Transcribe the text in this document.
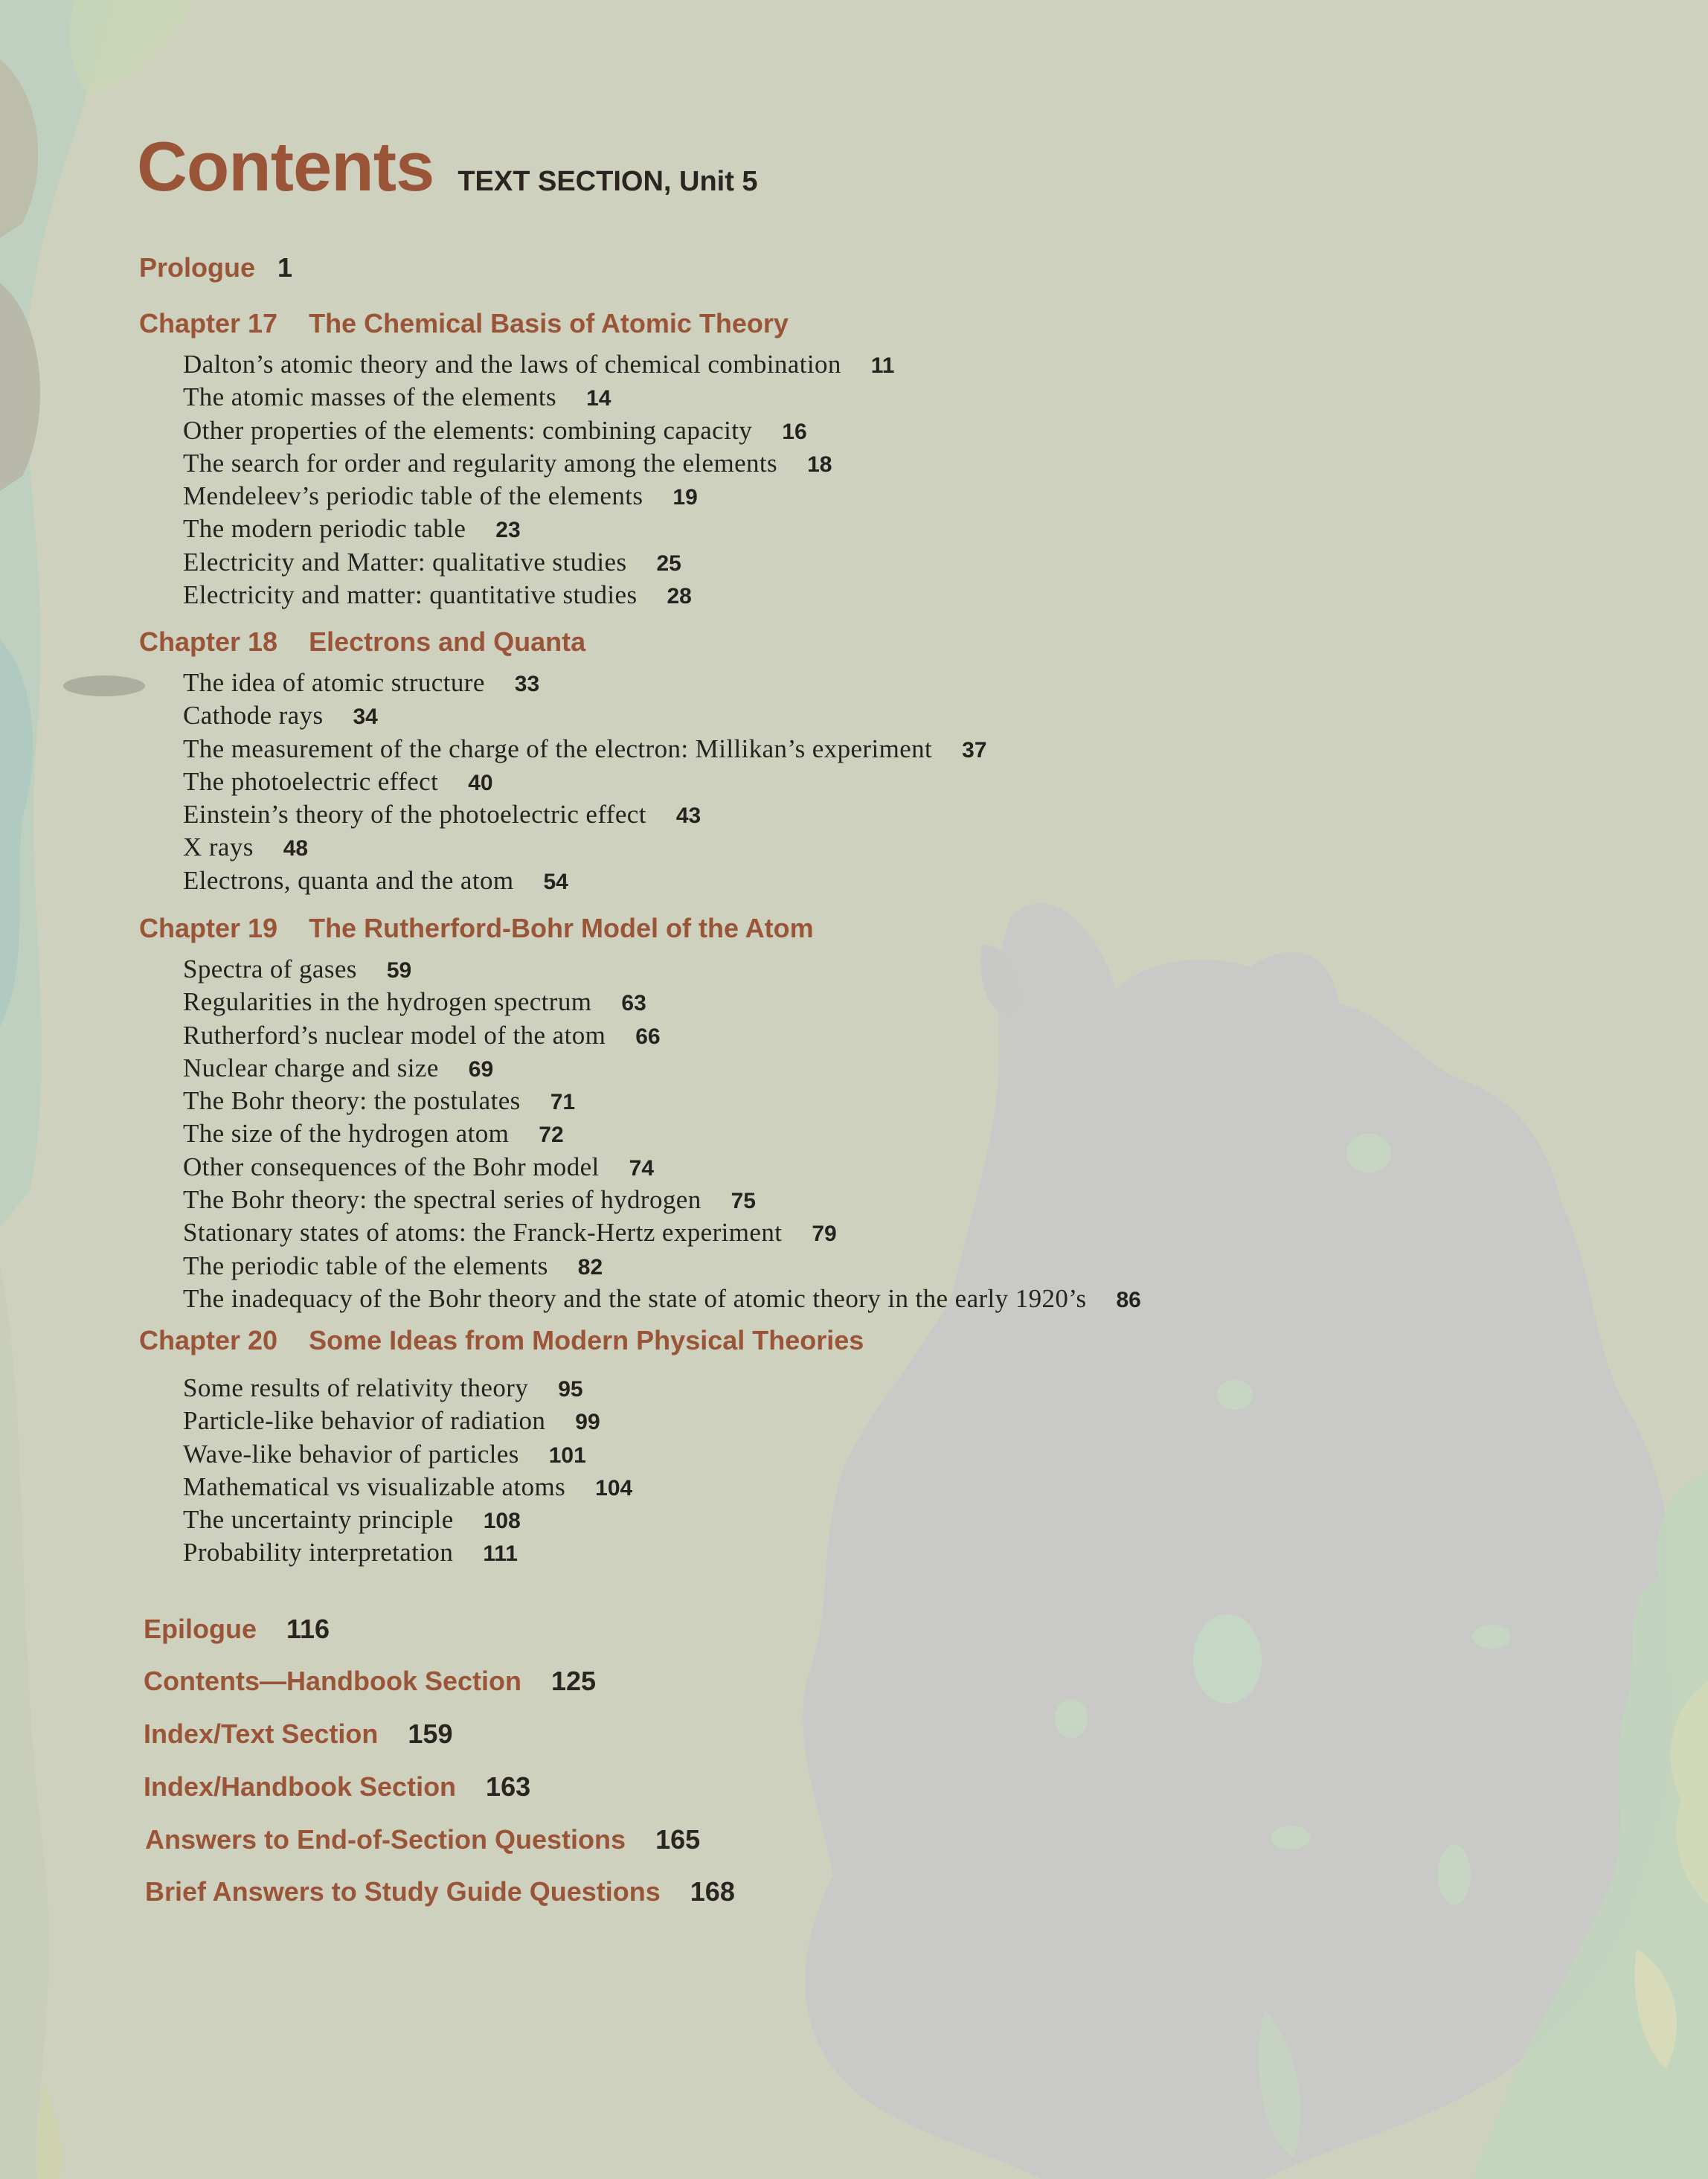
Contents TEXT SECTION, Unit 5
Prologue 1
Chapter 17 The Chemical Basis of Atomic Theory
Dalton’s atomic theory and the laws of chemical combination 11
The atomic masses of the elements 14
Other properties of the elements: combining capacity 16
The search for order and regularity among the elements 18
Mendeleev’s periodic table of the elements 19
The modern periodic table 23
Electricity and Matter: qualitative studies 25
Electricity and matter: quantitative studies 28
Chapter 18 Electrons and Quanta
The idea of atomic structure 33
Cathode rays 34
The measurement of the charge of the electron: Millikan’s experiment 37
The photoelectric effect 40
Einstein’s theory of the photoelectric effect 43
X rays 48
Electrons, quanta and the atom 54
Chapter 19 The Rutherford-Bohr Model of the Atom
Spectra of gases 59
Regularities in the hydrogen spectrum 63
Rutherford’s nuclear model of the atom 66
Nuclear charge and size 69
The Bohr theory: the postulates 71
The size of the hydrogen atom 72
Other consequences of the Bohr model 74
The Bohr theory: the spectral series of hydrogen 75
Stationary states of atoms: the Franck-Hertz experiment 79
The periodic table of the elements 82
The inadequacy of the Bohr theory and the state of atomic theory in the early 1920’s 86
Chapter 20 Some Ideas from Modern Physical Theories
Some results of relativity theory 95
Particle-like behavior of radiation 99
Wave-like behavior of particles 101
Mathematical vs visualizable atoms 104
The uncertainty principle 108
Probability interpretation 111
Epilogue 116
Contents—Handbook Section 125
Index/Text Section 159
Index/Handbook Section 163
Answers to End-of-Section Questions 165
Brief Answers to Study Guide Questions 168
